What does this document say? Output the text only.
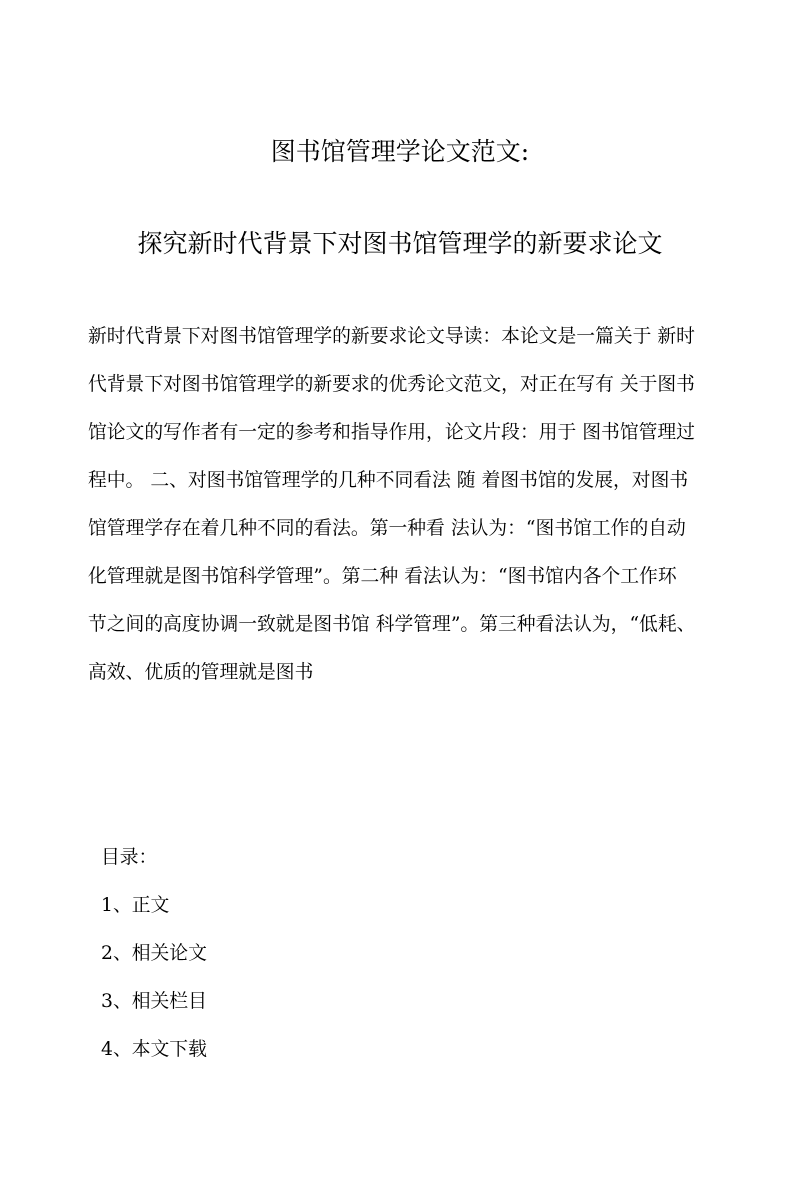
图书馆管理学论文范文:
探究新时代背景下对图书馆管理学的新要求论文
新时代背景下对图书馆管理学的新要求论文导读：本论文是一篇关于 新时
代背景下对图书馆管理学的新要求的优秀论文范文，对正在写有 关于图书
馆论文的写作者有一定的参考和指导作用，论文片段：用于 图书馆管理过
程中。 二、对图书馆管理学的几种不同看法 随 着图书馆的发展，对图书
馆管理学存在着几种不同的看法。第一种看 法认为：“图书馆工作的自动
化管理就是图书馆科学管理”。第二种 看法认为：“图书馆内各个工作环
节之间的高度协调一致就是图书馆 科学管理”。第三种看法认为，“低耗、
高效、优质的管理就是图书
目录：
1、正文
2、相关论文
3、相关栏目
4、本文下载
